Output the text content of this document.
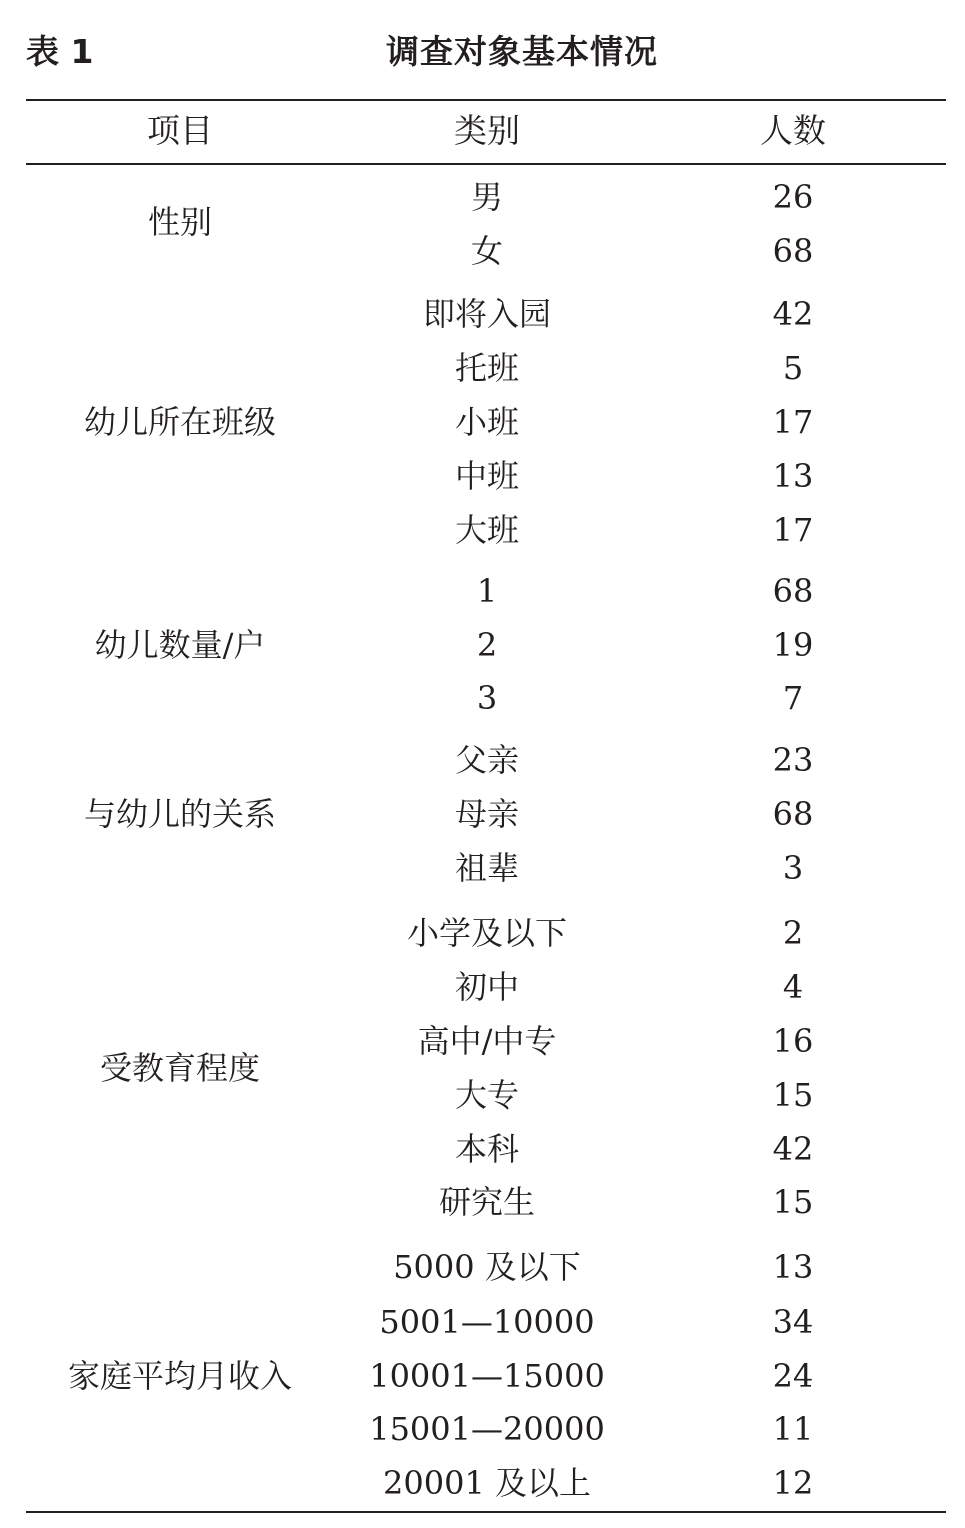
表 1	调查对象基本情况
项目	类别	人数
性别
男	26
女	68
幼儿所在班级
即将入园	42
托班	5
小班	17
中班	13
大班	17
幼儿数量/户
1	68
2	19
3	7
与幼儿的关系
父亲	23
母亲	68
祖辈	3
受教育程度
小学及以下	2
初中	4
高中/中专	16
大专	15
本科	42
研究生	15
家庭平均月收入
5000 及以下	13
5001—10000	34
10001—15000	24
15001—20000	11
20001 及以上	12
